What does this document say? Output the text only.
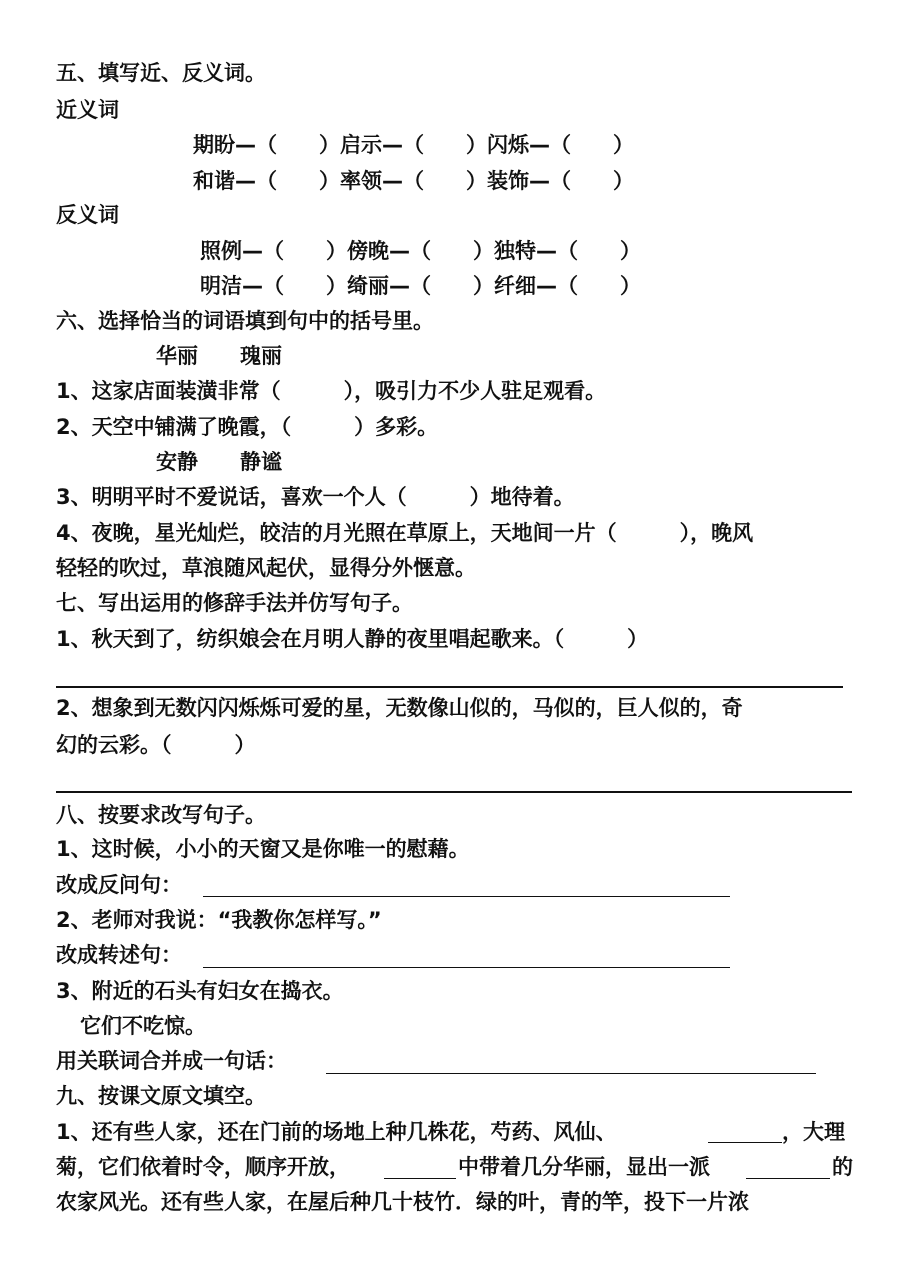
五、填写近、反义词。
近义词
期盼—（　　）启示—（　　）闪烁—（　　）
和谐—（　　）率领—（　　）装饰—（　　）
反义词
照例—（　　）傍晚—（　　）独特—（　　）
明洁—（　　）绮丽—（　　）纤细—（　　）
六、选择恰当的词语填到句中的括号里。
华丽　　瑰丽
1、这家店面装潢非常（　　　），吸引力不少人驻足观看。
2、天空中铺满了晚霞，（　　　）多彩。
安静　　静谧
3、明明平时不爱说话，喜欢一个人（　　　）地待着。
4、夜晚，星光灿烂，皎洁的月光照在草原上，天地间一片（　　　），晚风
轻轻的吹过，草浪随风起伏，显得分外惬意。
七、写出运用的修辞手法并仿写句子。
1、秋天到了，纺织娘会在月明人静的夜里唱起歌来。（　　　）
2、想象到无数闪闪烁烁可爱的星，无数像山似的，马似的，巨人似的，奇
幻的云彩。（　　　）
八、按要求改写句子。
1、这时候，小小的天窗又是你唯一的慰藉。
改成反问句：
2、老师对我说：“我教你怎样写。”
改成转述句：
3、附近的石头有妇女在捣衣。
它们不吃惊。
用关联词合并成一句话：
九、按课文原文填空。
1、还有些人家，还在门前的场地上种几株花，芍药、风仙、	，大理
菊，它们依着时令，顺序开放，	中带着几分华丽，显出一派	的
农家风光。还有些人家，在屋后种几十枝竹．绿的叶，青的竿，投下一片浓
